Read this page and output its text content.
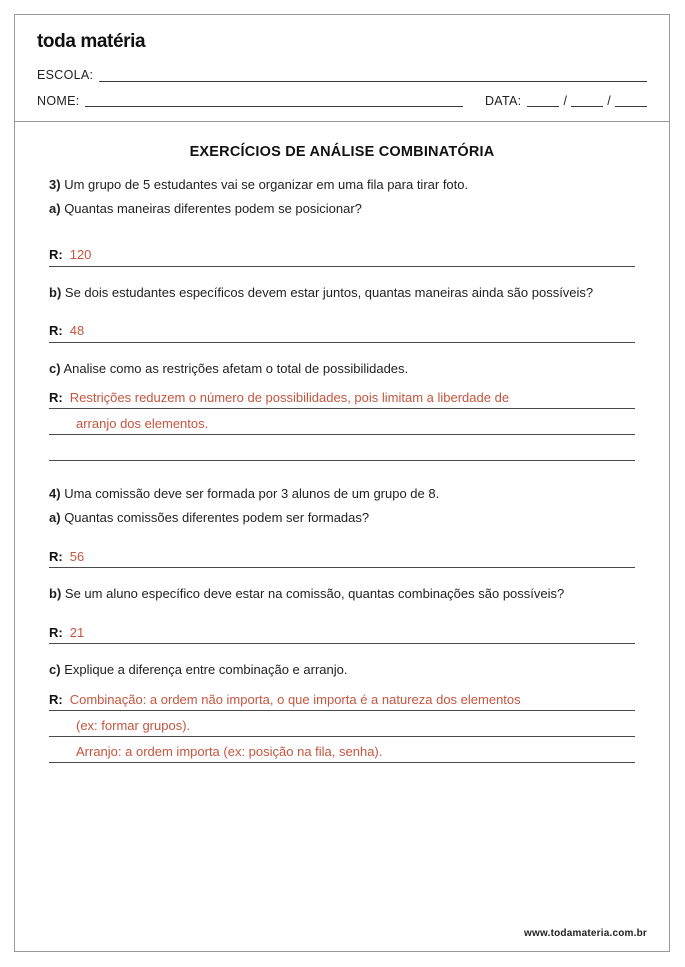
toda matéria
ESCOLA:
NOME:	DATA:	/	/
EXERCÍCIOS DE ANÁLISE COMBINATÓRIA
3) Um grupo de 5 estudantes vai se organizar em uma fila para tirar foto.
a) Quantas maneiras diferentes podem se posicionar?
R: 120
b) Se dois estudantes específicos devem estar juntos, quantas maneiras ainda são possíveis?
R: 48
c) Analise como as restrições afetam o total de possibilidades.
R: Restrições reduzem o número de possibilidades, pois limitam a liberdade de
arranjo dos elementos.
4) Uma comissão deve ser formada por 3 alunos de um grupo de 8.
a) Quantas comissões diferentes podem ser formadas?
R: 56
b) Se um aluno específico deve estar na comissão, quantas combinações são possíveis?
R: 21
c) Explique a diferença entre combinação e arranjo.
R: Combinação: a ordem não importa, o que importa é a natureza dos elementos
(ex: formar grupos).
Arranjo: a ordem importa (ex: posição na fila, senha).
www.todamateria.com.br
